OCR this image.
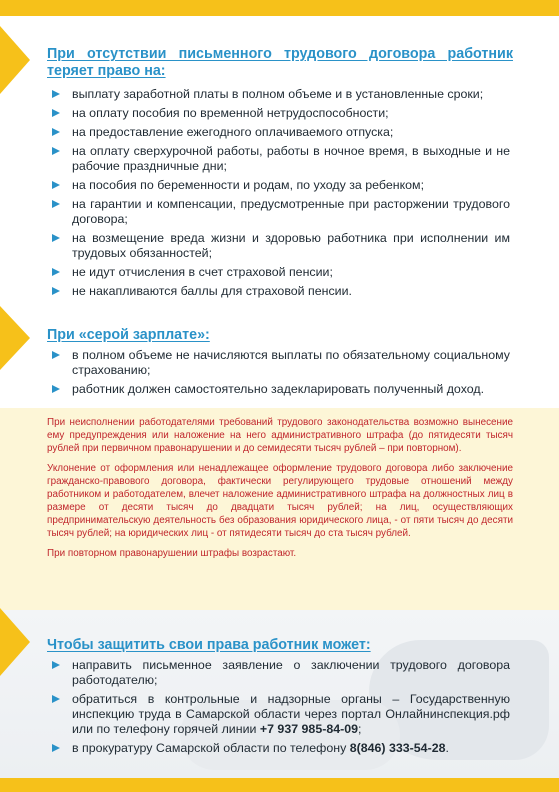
При отсутствии письменного трудового договора работник теряет право на:
выплату заработной платы в полном объеме и в установленные сроки;
на оплату пособия по временной нетрудоспособности;
на предоставление ежегодного оплачиваемого отпуска;
на оплату сверхурочной работы, работы в ночное время, в выходные и не рабочие праздничные дни;
на пособия по беременности и родам, по уходу за ребенком;
на гарантии и компенсации, предусмотренные при расторжении трудового договора;
на возмещение вреда жизни и здоровью работника при исполнении им трудовых обязанностей;
не идут отчисления в счет страховой пенсии;
не накапливаются баллы для страховой пенсии.
При «серой зарплате»:
в полном объеме не начисляются выплаты по обязательному социальному страхованию;
работник должен самостоятельно задекларировать полученный доход.

При неисполнении работодателями требований трудового законодательства возможно вынесение ему предупреждения или наложение на него административного штрафа (до пятидесяти тысяч рублей при первичном правонарушении и до семидесяти тысяч рублей – при повторном).

Уклонение от оформления или ненадлежащее оформление трудового договора либо заключение гражданско-правового договора, фактически регулирующего трудовые отношений между работником и работодателем, влечет наложение административного штрафа на должностных лиц в размере от десяти тысяч до двадцати тысяч рублей; на лиц, осуществляющих предпринимательскую деятельность без образования юридического лица, - от пяти тысяч до десяти тысяч рублей; на юридических лиц - от пятидесяти тысяч до ста тысяч рублей.

При повторном правонарушении штрафы возрастают.

Чтобы защитить свои права работник может:
направить письменное заявление о заключении трудового договора работодателю;
обратиться в контрольные и надзорные органы – Государственную инспекцию труда в Самарской области через портал Онлайнинспекция.рф или по телефону горячей линии +7 937 985-84-09;
в прокуратуру Самарской области по телефону 8(846) 333-54-28.
